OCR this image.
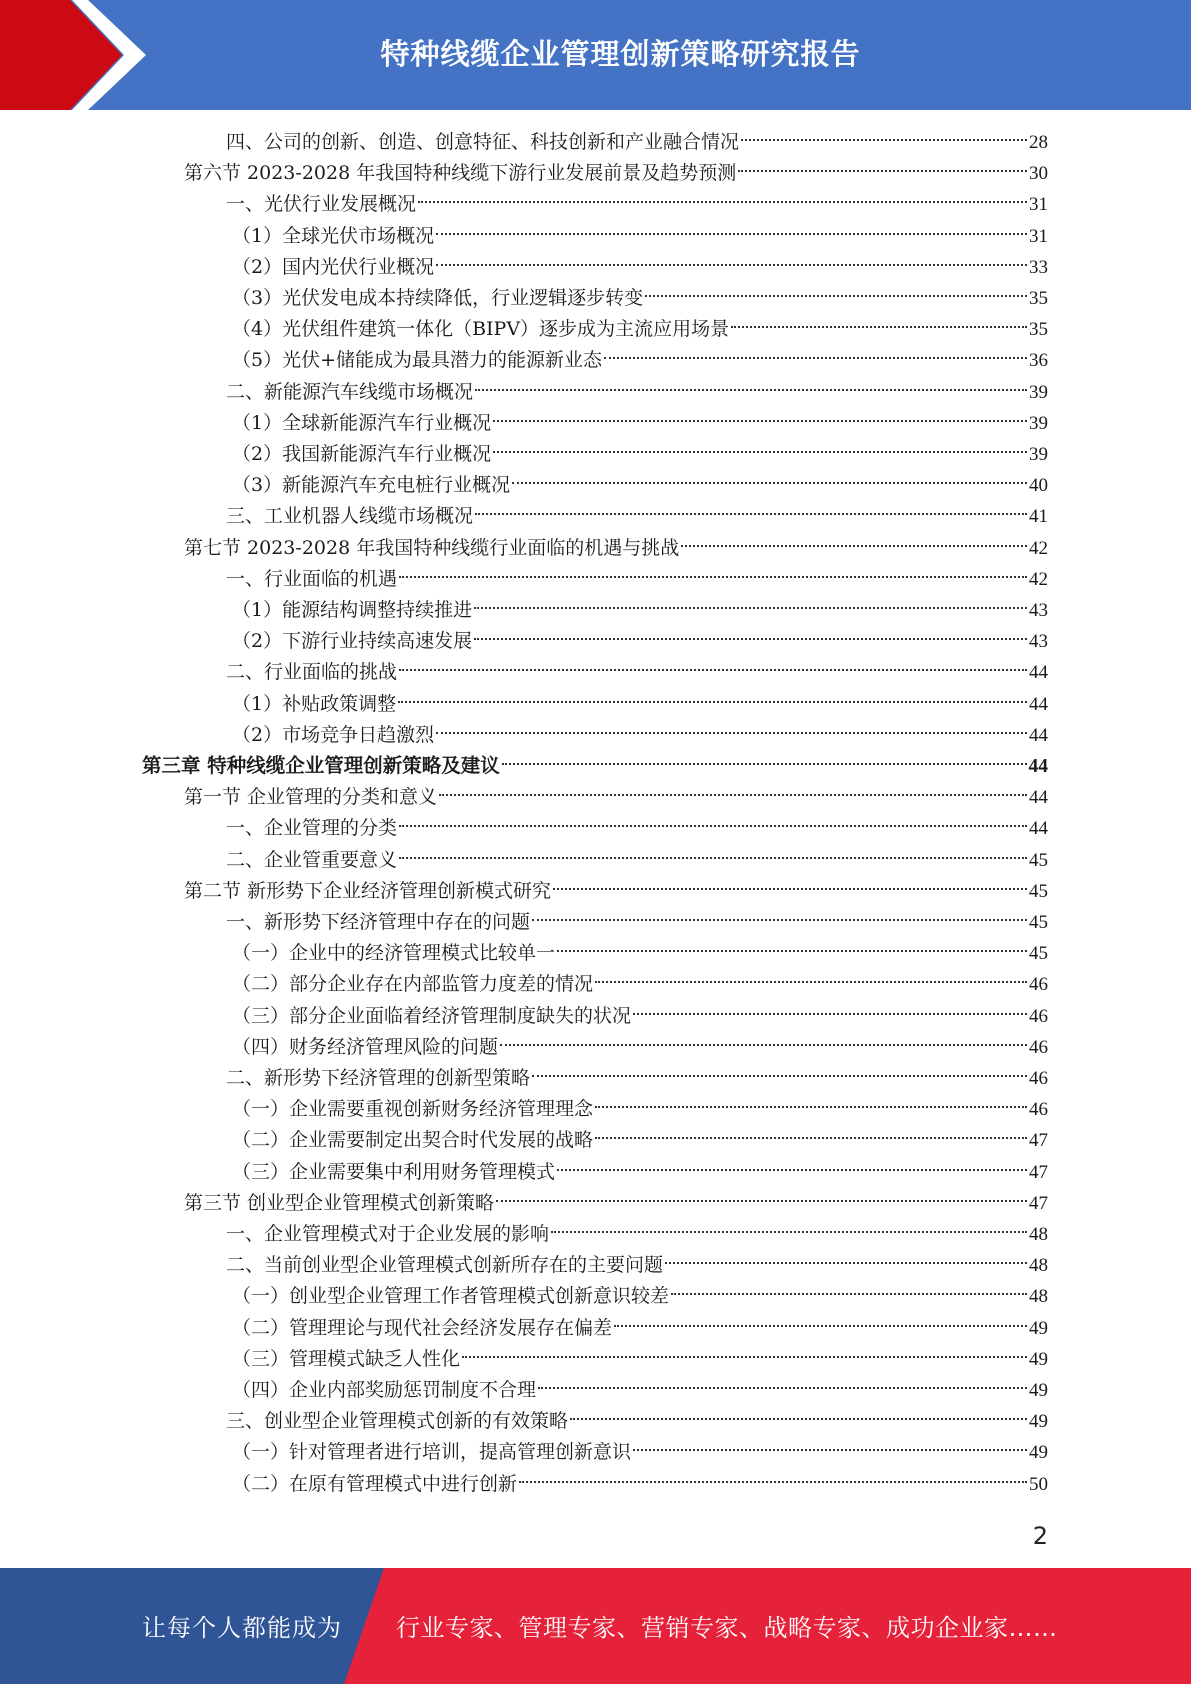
特种线缆企业管理创新策略研究报告
四、公司的创新、创造、创意特征、科技创新和产业融合情况	28
第六节 2023-2028 年我国特种线缆下游行业发展前景及趋势预测	30
一、光伏行业发展概况	31
（1）全球光伏市场概况	31
（2）国内光伏行业概况	33
（3）光伏发电成本持续降低，行业逻辑逐步转变	35
（4）光伏组件建筑一体化（BIPV）逐步成为主流应用场景	35
（5）光伏+储能成为最具潜力的能源新业态	36
二、新能源汽车线缆市场概况	39
（1）全球新能源汽车行业概况	39
（2）我国新能源汽车行业概况	39
（3）新能源汽车充电桩行业概况	40
三、工业机器人线缆市场概况	41
第七节 2023-2028 年我国特种线缆行业面临的机遇与挑战	42
一、行业面临的机遇	42
（1）能源结构调整持续推进	43
（2）下游行业持续高速发展	43
二、行业面临的挑战	44
（1）补贴政策调整	44
（2）市场竞争日趋激烈	44
第三章 特种线缆企业管理创新策略及建议	44
第一节 企业管理的分类和意义	44
一、企业管理的分类	44
二、企业管重要意义	45
第二节 新形势下企业经济管理创新模式研究	45
一、新形势下经济管理中存在的问题	45
（一）企业中的经济管理模式比较单一	45
（二）部分企业存在内部监管力度差的情况	46
（三）部分企业面临着经济管理制度缺失的状况	46
（四）财务经济管理风险的问题	46
二、新形势下经济管理的创新型策略	46
（一）企业需要重视创新财务经济管理理念	46
（二）企业需要制定出契合时代发展的战略	47
（三）企业需要集中利用财务管理模式	47
第三节 创业型企业管理模式创新策略	47
一、企业管理模式对于企业发展的影响	48
二、当前创业型企业管理模式创新所存在的主要问题	48
（一）创业型企业管理工作者管理模式创新意识较差	48
（二）管理理论与现代社会经济发展存在偏差	49
（三）管理模式缺乏人性化	49
（四）企业内部奖励惩罚制度不合理	49
三、创业型企业管理模式创新的有效策略	49
（一）针对管理者进行培训，提高管理创新意识	49
（二）在原有管理模式中进行创新	50
2
让每个人都能成为 行业专家、管理专家、营销专家、战略专家、成功企业家……
